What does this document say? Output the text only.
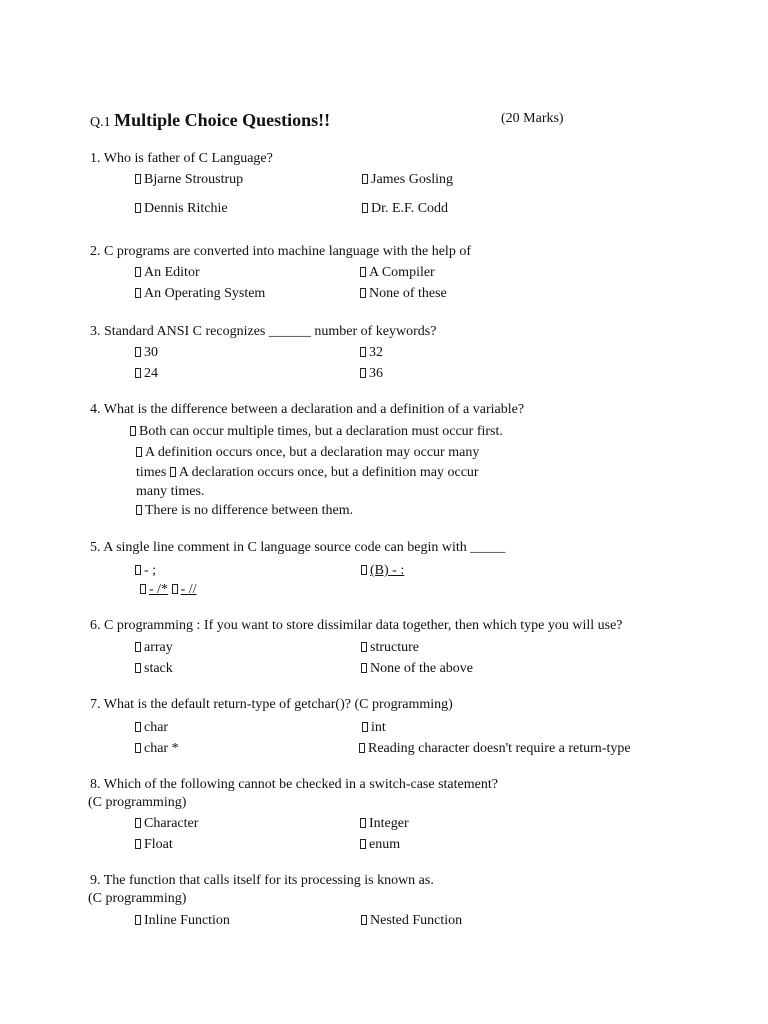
Q.1 Multiple Choice Questions!!	(20 Marks)
1. Who is father of C Language?
Bjarne Stroustrup	James Gosling
Dennis Ritchie	Dr. E.F. Codd
2. C programs are converted into machine language with the help of
An Editor	A Compiler
An Operating System	None of these
3. Standard ANSI C recognizes ______ number of keywords?
30	32
24	36
4. What is the difference between a declaration and a definition of a variable?
Both can occur multiple times, but a declaration must occur first.
A definition occurs once, but a declaration may occur many
times A declaration occurs once, but a definition may occur
many times.
There is no difference between them.
5. A single line comment in C language source code can begin with _____
- ;	(B) - :
- /* - //
6. C programming : If you want to store dissimilar data together, then which type you will use?
array	structure
stack	None of the above
7. What is the default return-type of getchar()? (C programming)
char	int
char *	Reading character doesn't require a return-type
8. Which of the following cannot be checked in a switch-case statement?
(C programming)
Character	Integer
Float	enum
9. The function that calls itself for its processing is known as.
(C programming)
Inline Function	Nested Function
